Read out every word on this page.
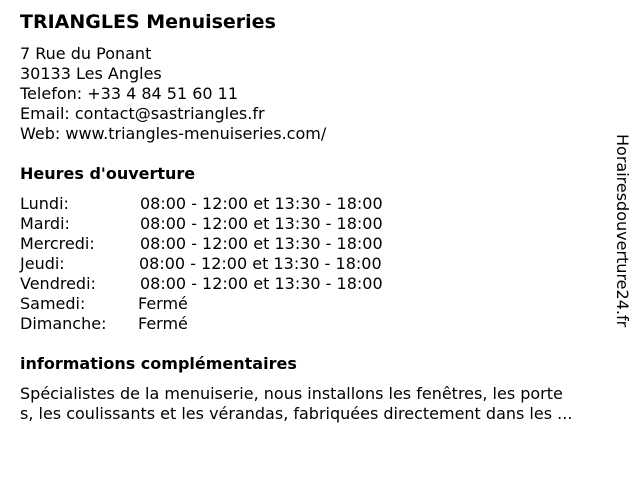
TRIANGLES Menuiseries
7 Rue du Ponant
30133 Les Angles
Telefon: +33 4 84 51 60 11
Email: contact@sastriangles.fr
Web: www.triangles-menuiseries.com/
Heures d'ouverture
Lundi:	08:00 - 12:00 et 13:30 - 18:00
Mardi:	08:00 - 12:00 et 13:30 - 18:00
Mercredi:	08:00 - 12:00 et 13:30 - 18:00
Jeudi:	08:00 - 12:00 et 13:30 - 18:00
Vendredi:	08:00 - 12:00 et 13:30 - 18:00
Samedi:	Fermé
Dimanche: Fermé
informations complémentaires
Spécialistes de la menuiserie, nous installons les fenêtres, les porte
s, les coulissants et les vérandas, fabriquées directement dans les ...
Horairesdouverture24.fr
